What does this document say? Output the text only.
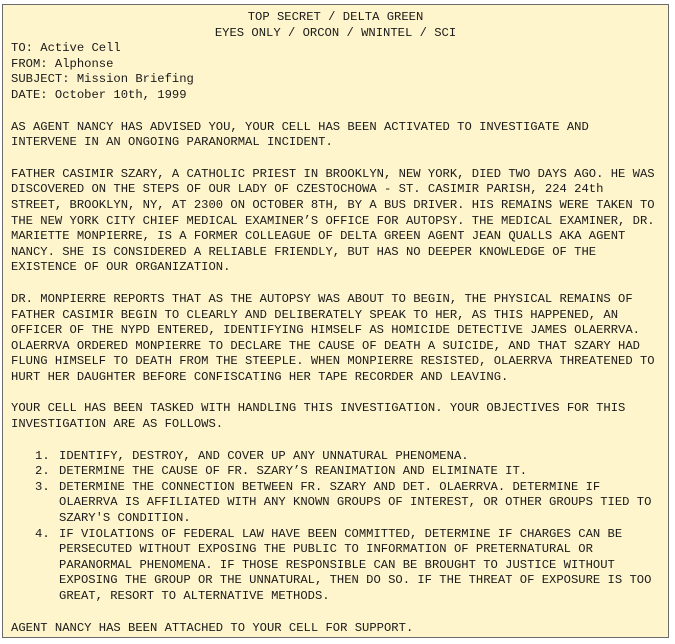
TOP SECRET / DELTA GREEN
EYES ONLY / ORCON / WNINTEL / SCI
TO: Active Cell
FROM: Alphonse
SUBJECT: Mission Briefing
DATE: October 10th, 1999

AS AGENT NANCY HAS ADVISED YOU, YOUR CELL HAS BEEN ACTIVATED TO INVESTIGATE AND INTERVENE IN AN ONGOING PARANORMAL INCIDENT.

FATHER CASIMIR SZARY, A CATHOLIC PRIEST IN BROOKLYN, NEW YORK, DIED TWO DAYS AGO. HE WAS DISCOVERED ON THE STEPS OF OUR LADY OF CZESTOCHOWA - ST. CASIMIR PARISH, 224 24th STREET, BROOKLYN, NY, AT 2300 ON OCTOBER 8TH, BY A BUS DRIVER. HIS REMAINS WERE TAKEN TO THE NEW YORK CITY CHIEF MEDICAL EXAMINER’S OFFICE FOR AUTOPSY. THE MEDICAL EXAMINER, DR. MARIETTE MONPIERRE, IS A FORMER COLLEAGUE OF DELTA GREEN AGENT JEAN QUALLS AKA AGENT NANCY. SHE IS CONSIDERED A RELIABLE FRIENDLY, BUT HAS NO DEEPER KNOWLEDGE OF THE EXISTENCE OF OUR ORGANIZATION.

DR. MONPIERRE REPORTS THAT AS THE AUTOPSY WAS ABOUT TO BEGIN, THE PHYSICAL REMAINS OF FATHER CASIMIR BEGIN TO CLEARLY AND DELIBERATELY SPEAK TO HER, AS THIS HAPPENED, AN OFFICER OF THE NYPD ENTERED, IDENTIFYING HIMSELF AS HOMICIDE DETECTIVE JAMES OLAERRVA. OLAERRVA ORDERED MONPIERRE TO DECLARE THE CAUSE OF DEATH A SUICIDE, AND THAT SZARY HAD FLUNG HIMSELF TO DEATH FROM THE STEEPLE. WHEN MONPIERRE RESISTED, OLAERRVA THREATENED TO HURT HER DAUGHTER BEFORE CONFISCATING HER TAPE RECORDER AND LEAVING.

YOUR CELL HAS BEEN TASKED WITH HANDLING THIS INVESTIGATION. YOUR OBJECTIVES FOR THIS INVESTIGATION ARE AS FOLLOWS.

1. IDENTIFY, DESTROY, AND COVER UP ANY UNNATURAL PHENOMENA.
2. DETERMINE THE CAUSE OF FR. SZARY’S REANIMATION AND ELIMINATE IT.
3. DETERMINE THE CONNECTION BETWEEN FR. SZARY AND DET. OLAERRVA. DETERMINE IF OLAERRVA IS AFFILIATED WITH ANY KNOWN GROUPS OF INTEREST, OR OTHER GROUPS TIED TO SZARY'S CONDITION.
4. IF VIOLATIONS OF FEDERAL LAW HAVE BEEN COMMITTED, DETERMINE IF CHARGES CAN BE PERSECUTED WITHOUT EXPOSING THE PUBLIC TO INFORMATION OF PRETERNATURAL OR PARANORMAL PHENOMENA. IF THOSE RESPONSIBLE CAN BE BROUGHT TO JUSTICE WITHOUT EXPOSING THE GROUP OR THE UNNATURAL, THEN DO SO. IF THE THREAT OF EXPOSURE IS TOO GREAT, RESORT TO ALTERNATIVE METHODS.

AGENT NANCY HAS BEEN ATTACHED TO YOUR CELL FOR SUPPORT.
